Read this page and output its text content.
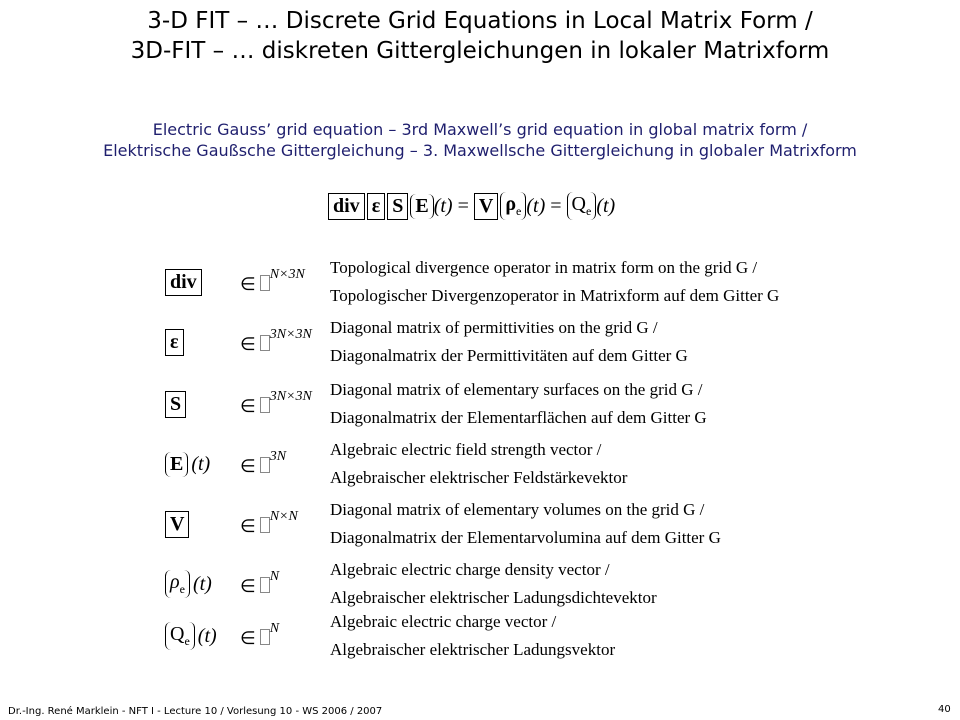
3-D FIT – … Discrete Grid Equations in Local Matrix Form /
3D-FIT – … diskreten Gittergleichungen in lokaler Matrixform
Electric Gauss’ grid equation – 3rd Maxwell’s grid equation in global matrix form /
Elektrische Gaußsche Gittergleichung – 3. Maxwellsche Gittergleichung in globaler Matrixform
div ε S E (t) = V $\rho_e$ $(t) = Q_e$ (t)
div ∈ $^{N\times 3N}$	Topological divergence operator in matrix form on the grid G /
Topologischer Divergenzoperator in Matrixform auf dem Gitter G
ε	∈ $^{3N\times 3N}$	Diagonal matrix of permittivities on the grid G /
Diagonalmatrix der Permittivitäten auf dem Gitter G
S	∈ $^{3N\times 3N}$	Diagonal matrix of elementary surfaces on the grid G /
Diagonalmatrix der Elementarflächen auf dem Gitter G
E (t) ∈ $^{3N}$	Algebraic electric field strength vector /
Algebraischer elektrischer Feldstärkevektor
V	∈ $^{N\times N}$	Diagonal matrix of elementary volumes on the grid G /
Diagonalmatrix der Elementarvolumina auf dem Gitter G
$\rho_e$ (t) ∈ $^N$	Algebraic electric charge density vector /
Algebraischer elektrischer Ladungsdichtevektor
$Q_e$ (t) ∈ $^N$	Algebraic electric charge vector /
Algebraischer elektrischer Ladungsvektor
Dr.-Ing. René Marklein - NFT I - Lecture 10 / Vorlesung 10 - WS 2006 / 2007	40
